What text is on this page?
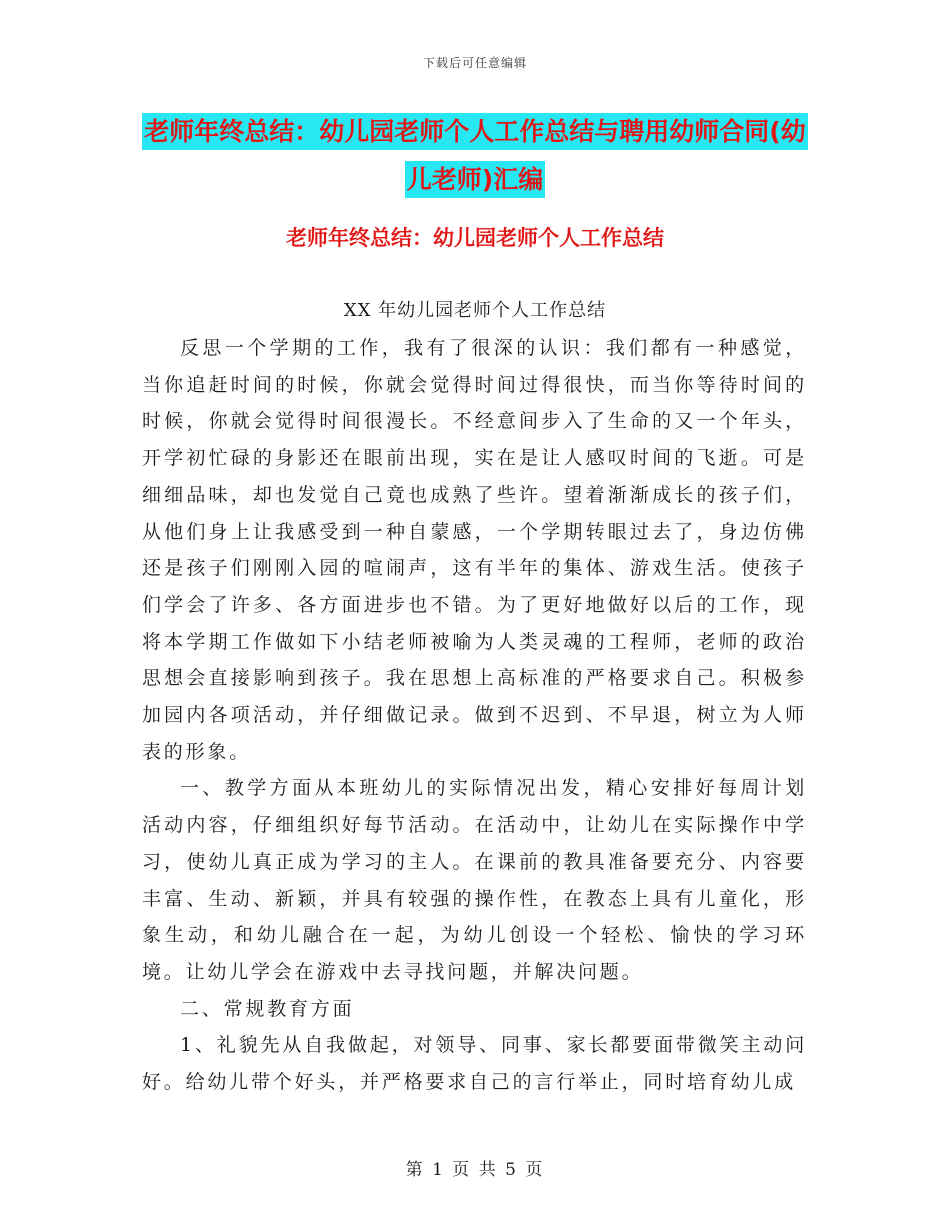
下载后可任意编辑
老师年终总结：幼儿园老师个人工作总结与聘用幼师合同(幼儿老师)汇编
老师年终总结：幼儿园老师个人工作总结
XX 年幼儿园老师个人工作总结

反思一个学期的工作，我有了很深的认识：我们都有一种感觉，当你追赶时间的时候，你就会觉得时间过得很快，而当你等待时间的时候，你就会觉得时间很漫长。不经意间步入了生命的又一个年头，开学初忙碌的身影还在眼前出现，实在是让人感叹时间的飞逝。可是细细品味，却也发觉自己竟也成熟了些许。望着渐渐成长的孩子们，从他们身上让我感受到一种自蒙感，一个学期转眼过去了，身边仿佛还是孩子们刚刚入园的喧闹声，这有半年的集体、游戏生活。使孩子们学会了许多、各方面进步也不错。为了更好地做好以后的工作，现将本学期工作做如下小结老师被喻为人类灵魂的工程师，老师的政治思想会直接影响到孩子。我在思想上高标准的严格要求自己。积极参加园内各项活动，并仔细做记录。做到不迟到、不早退，树立为人师表的形象。

一、教学方面从本班幼儿的实际情况出发，精心安排好每周计划活动内容，仔细组织好每节活动。在活动中，让幼儿在实际操作中学习，使幼儿真正成为学习的主人。在课前的教具准备要充分、内容要丰富、生动、新颖，并具有较强的操作性，在教态上具有儿童化，形象生动，和幼儿融合在一起，为幼儿创设一个轻松、愉快的学习环境。让幼儿学会在游戏中去寻找问题，并解决问题。

二、常规教育方面

1、礼貌先从自我做起，对领导、同事、家长都要面带微笑主动问好。给幼儿带个好头，并严格要求自己的言行举止，同时培育幼儿成

第 1 页 共 5 页
